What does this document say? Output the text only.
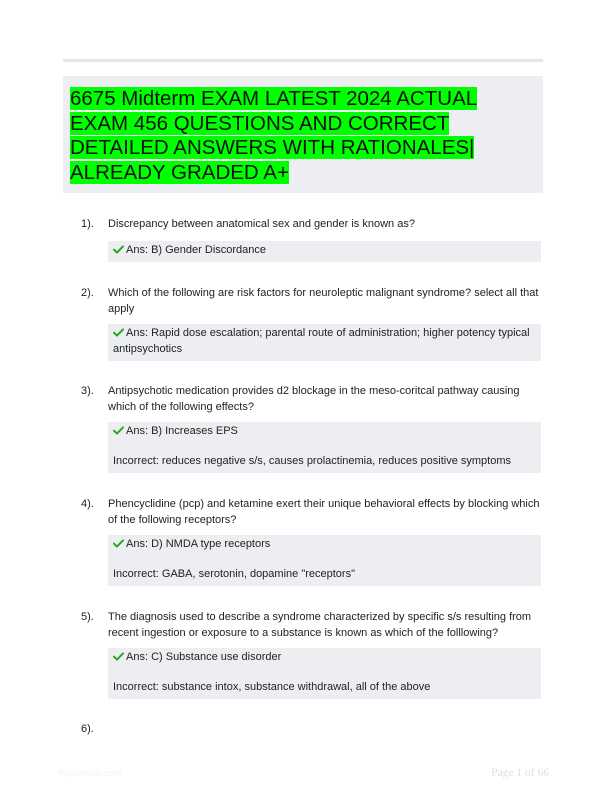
6675 Midterm EXAM LATEST 2024 ACTUAL EXAM 456 QUESTIONS AND CORRECT DETAILED ANSWERS WITH RATIONALES| ALREADY GRADED A+
1).	Discrepancy between anatomical sex and gender is known as?
Ans: B) Gender Discordance
2).	Which of the following are risk factors for neuroleptic malignant syndrome? select all that apply
Ans: Rapid dose escalation; parental route of administration; higher potency typical antipsychotics
3).	Antipsychotic medication provides d2 blockage in the meso-coritcal pathway causing which of the following effects?
Ans: B) Increases EPS
Incorrect: reduces negative s/s, causes prolactinemia, reduces positive symptoms
4).	Phencyclidine (pcp) and ketamine exert their unique behavioral effects by blocking which of the following receptors?
Ans: D) NMDA type receptors
Incorrect: GABA, serotonin, dopamine "receptors"
5).	The diagnosis used to describe a syndrome characterized by specific s/s resulting from recent ingestion or exposure to a substance is known as which of the folllowing?
Ans: C) Substance use disorder
Incorrect: substance intox, substance withdrawal, all of the above
6).
Paperfolio.com	Page 1 of 66
